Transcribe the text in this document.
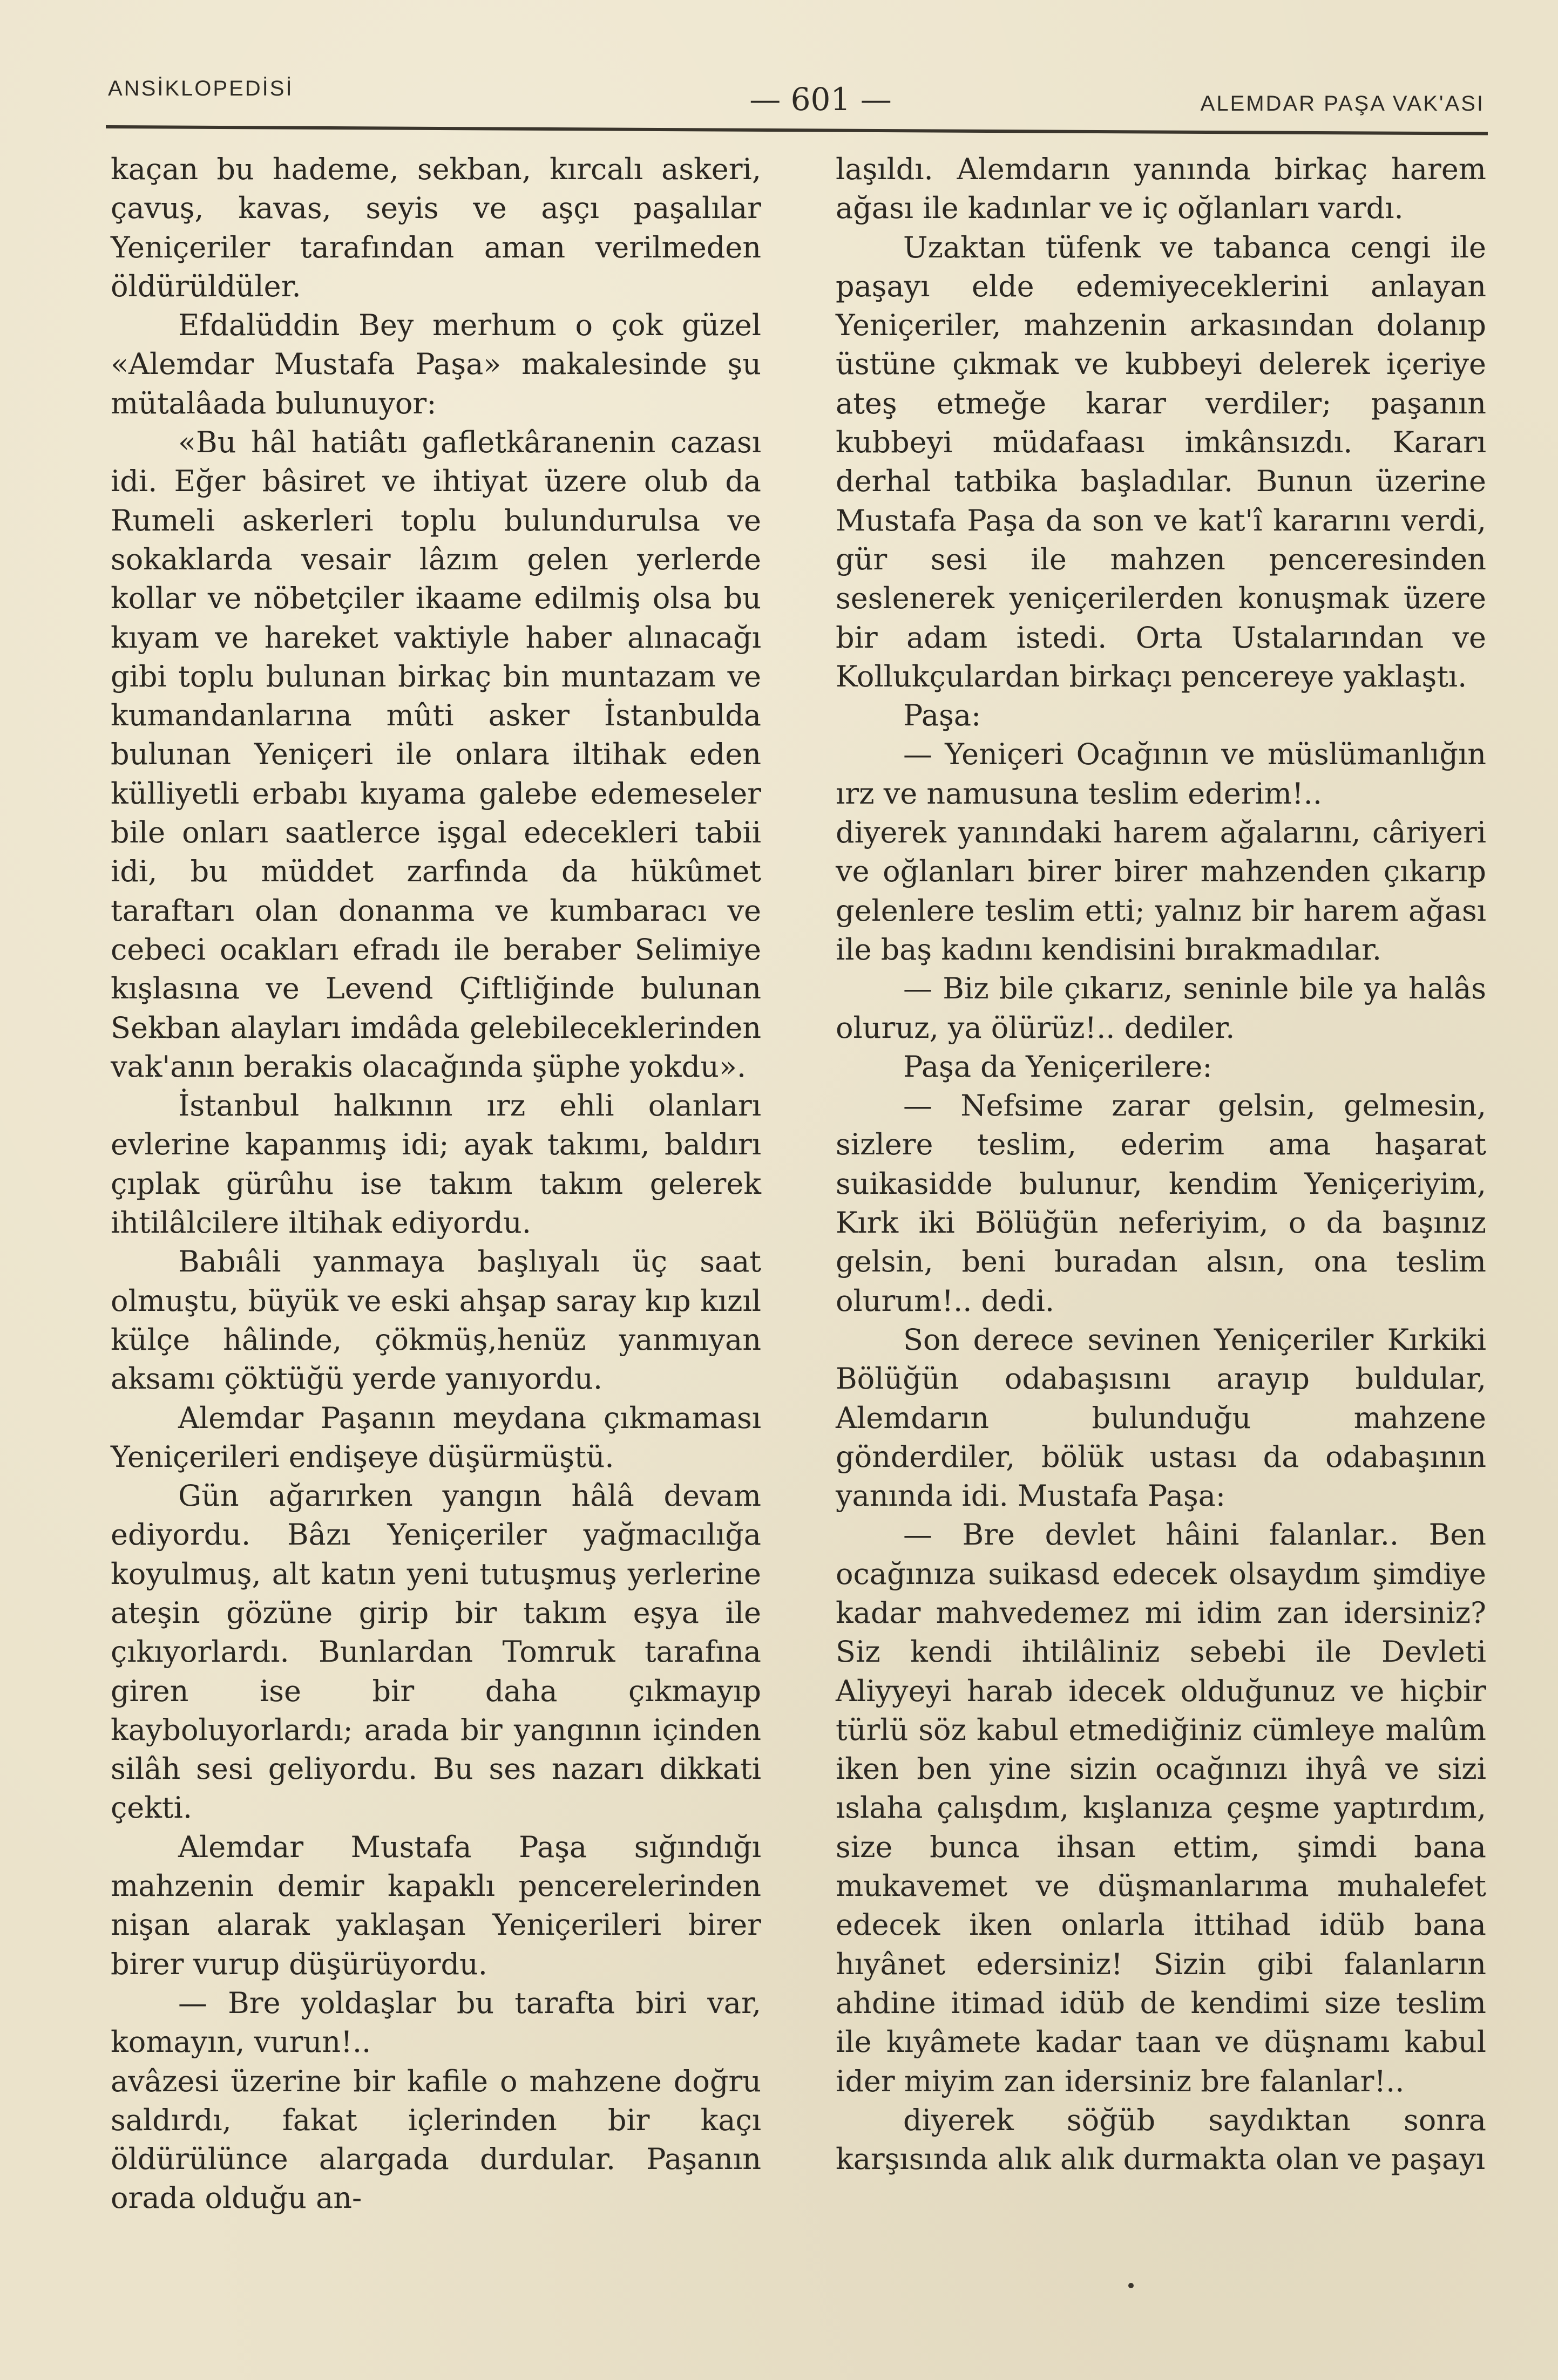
ANSİKLOPEDİSİ	— 601 —	ALEMDAR PAŞA VAK'ASI

kaçan bu hademe, sekban, kırcalı askeri, çavuş, kavas, seyis ve aşçı paşalılar Yeniçeriler tarafından aman verilmeden öldürüldüler.

Efdalüddin Bey merhum o çok güzel «Alemdar Mustafa Paşa» makalesinde şu mütalâada bulunuyor:

«Bu hâl hatiâtı gafletkâranenin cazası idi. Eğer bâsiret ve ihtiyat üzere olub da Rumeli askerleri toplu bulundurulsa ve sokaklarda vesair lâzım gelen yerlerde kollar ve nöbetçiler ikaame edilmiş olsa bu kıyam ve hareket vaktiyle haber alınacağı gibi toplu bulunan birkaç bin muntazam ve kumandanlarına mûti asker İstanbulda bulunan Yeniçeri ile onlara iltihak eden külliyetli erbabı kıyama galebe edemeseler bile onları saatlerce işgal edecekleri tabii idi, bu müddet zarfında da hükûmet taraftarı olan donanma ve kumbaracı ve cebeci ocakları efradı ile beraber Selimiye kışlasına ve Levend Çiftliğinde bulunan Sekban alayları imdâda gelebileceklerinden vak'anın berakis olacağında şüphe yokdu».

İstanbul halkının ırz ehli olanları evlerine kapanmış idi; ayak takımı, baldırı çıplak gürûhu ise takım takım gelerek ihtilâlcilere iltihak ediyordu.

Babıâli yanmaya başlıyalı üç saat olmuştu, büyük ve eski ahşap saray kıp kızıl külçe hâlinde, çökmüş,henüz yanmıyan aksamı çöktüğü yerde yanıyordu.

Alemdar Paşanın meydana çıkmaması Yeniçerileri endişeye düşürmüştü.

Gün ağarırken yangın hâlâ devam ediyordu. Bâzı Yeniçeriler yağmacılığa koyulmuş, alt katın yeni tutuşmuş yerlerine ateşin gözüne girip bir takım eşya ile çıkıyorlardı. Bunlardan Tomruk tarafına giren ise bir daha çıkmayıp kayboluyorlardı; arada bir yangının içinden silâh sesi geliyordu. Bu ses nazarı dikkati çekti.

Alemdar Mustafa Paşa sığındığı mahzenin demir kapaklı pencerelerinden nişan alarak yaklaşan Yeniçerileri birer birer vurup düşürüyordu.

— Bre yoldaşlar bu tarafta biri var, komayın, vurun!..

avâzesi üzerine bir kafile o mahzene doğru saldırdı, fakat içlerinden bir kaçı öldürülünce alargada durdular. Paşanın orada olduğu an-

laşıldı. Alemdarın yanında birkaç harem ağası ile kadınlar ve iç oğlanları vardı.

Uzaktan tüfenk ve tabanca cengi ile paşayı elde edemiyeceklerini anlayan Yeniçeriler, mahzenin arkasından dolanıp üstüne çıkmak ve kubbeyi delerek içeriye ateş etmeğe karar verdiler; paşanın kubbeyi müdafaası imkânsızdı. Kararı derhal tatbika başladılar. Bunun üzerine Mustafa Paşa da son ve kat'î kararını verdi, gür sesi ile mahzen penceresinden seslenerek yeniçerilerden konuşmak üzere bir adam istedi. Orta Ustalarından ve Kollukçulardan birkaçı pencereye yaklaştı.

Paşa:

— Yeniçeri Ocağının ve müslümanlığın ırz ve namusuna teslim ederim!..

diyerek yanındaki harem ağalarını, câriyeri ve oğlanları birer birer mahzenden çıkarıp gelenlere teslim etti; yalnız bir harem ağası ile baş kadını kendisini bırakmadılar.

— Biz bile çıkarız, seninle bile ya halâs oluruz, ya ölürüz!.. dediler.

Paşa da Yeniçerilere:

— Nefsime zarar gelsin, gelmesin, sizlere teslim, ederim ama haşarat suikasidde bulunur, kendim Yeniçeriyim, Kırk iki Bölüğün neferiyim, o da başınız gelsin, beni buradan alsın, ona teslim olurum!.. dedi.

Son derece sevinen Yeniçeriler Kırkiki Bölüğün odabaşısını arayıp buldular, Alemdarın bulunduğu mahzene gönderdiler, bölük ustası da odabaşının yanında idi. Mustafa Paşa:

— Bre devlet hâini falanlar.. Ben ocağınıza suikasd edecek olsaydım şimdiye kadar mahvedemez mi idim zan idersiniz? Siz kendi ihtilâliniz sebebi ile Devleti Aliyyeyi harab idecek olduğunuz ve hiçbir türlü söz kabul etmediğiniz cümleye malûm iken ben yine sizin ocağınızı ihyâ ve sizi ıslaha çalışdım, kışlanıza çeşme yaptırdım, size bunca ihsan ettim, şimdi bana mukavemet ve düşmanlarıma muhalefet edecek iken onlarla ittihad idüb bana hıyânet edersiniz! Sizin gibi falanların ahdine itimad idüb de kendimi size teslim ile kıyâmete kadar taan ve düşnamı kabul ider miyim zan idersiniz bre falanlar!..

diyerek söğüb saydıktan sonra karşısında alık alık durmakta olan ve paşayı
